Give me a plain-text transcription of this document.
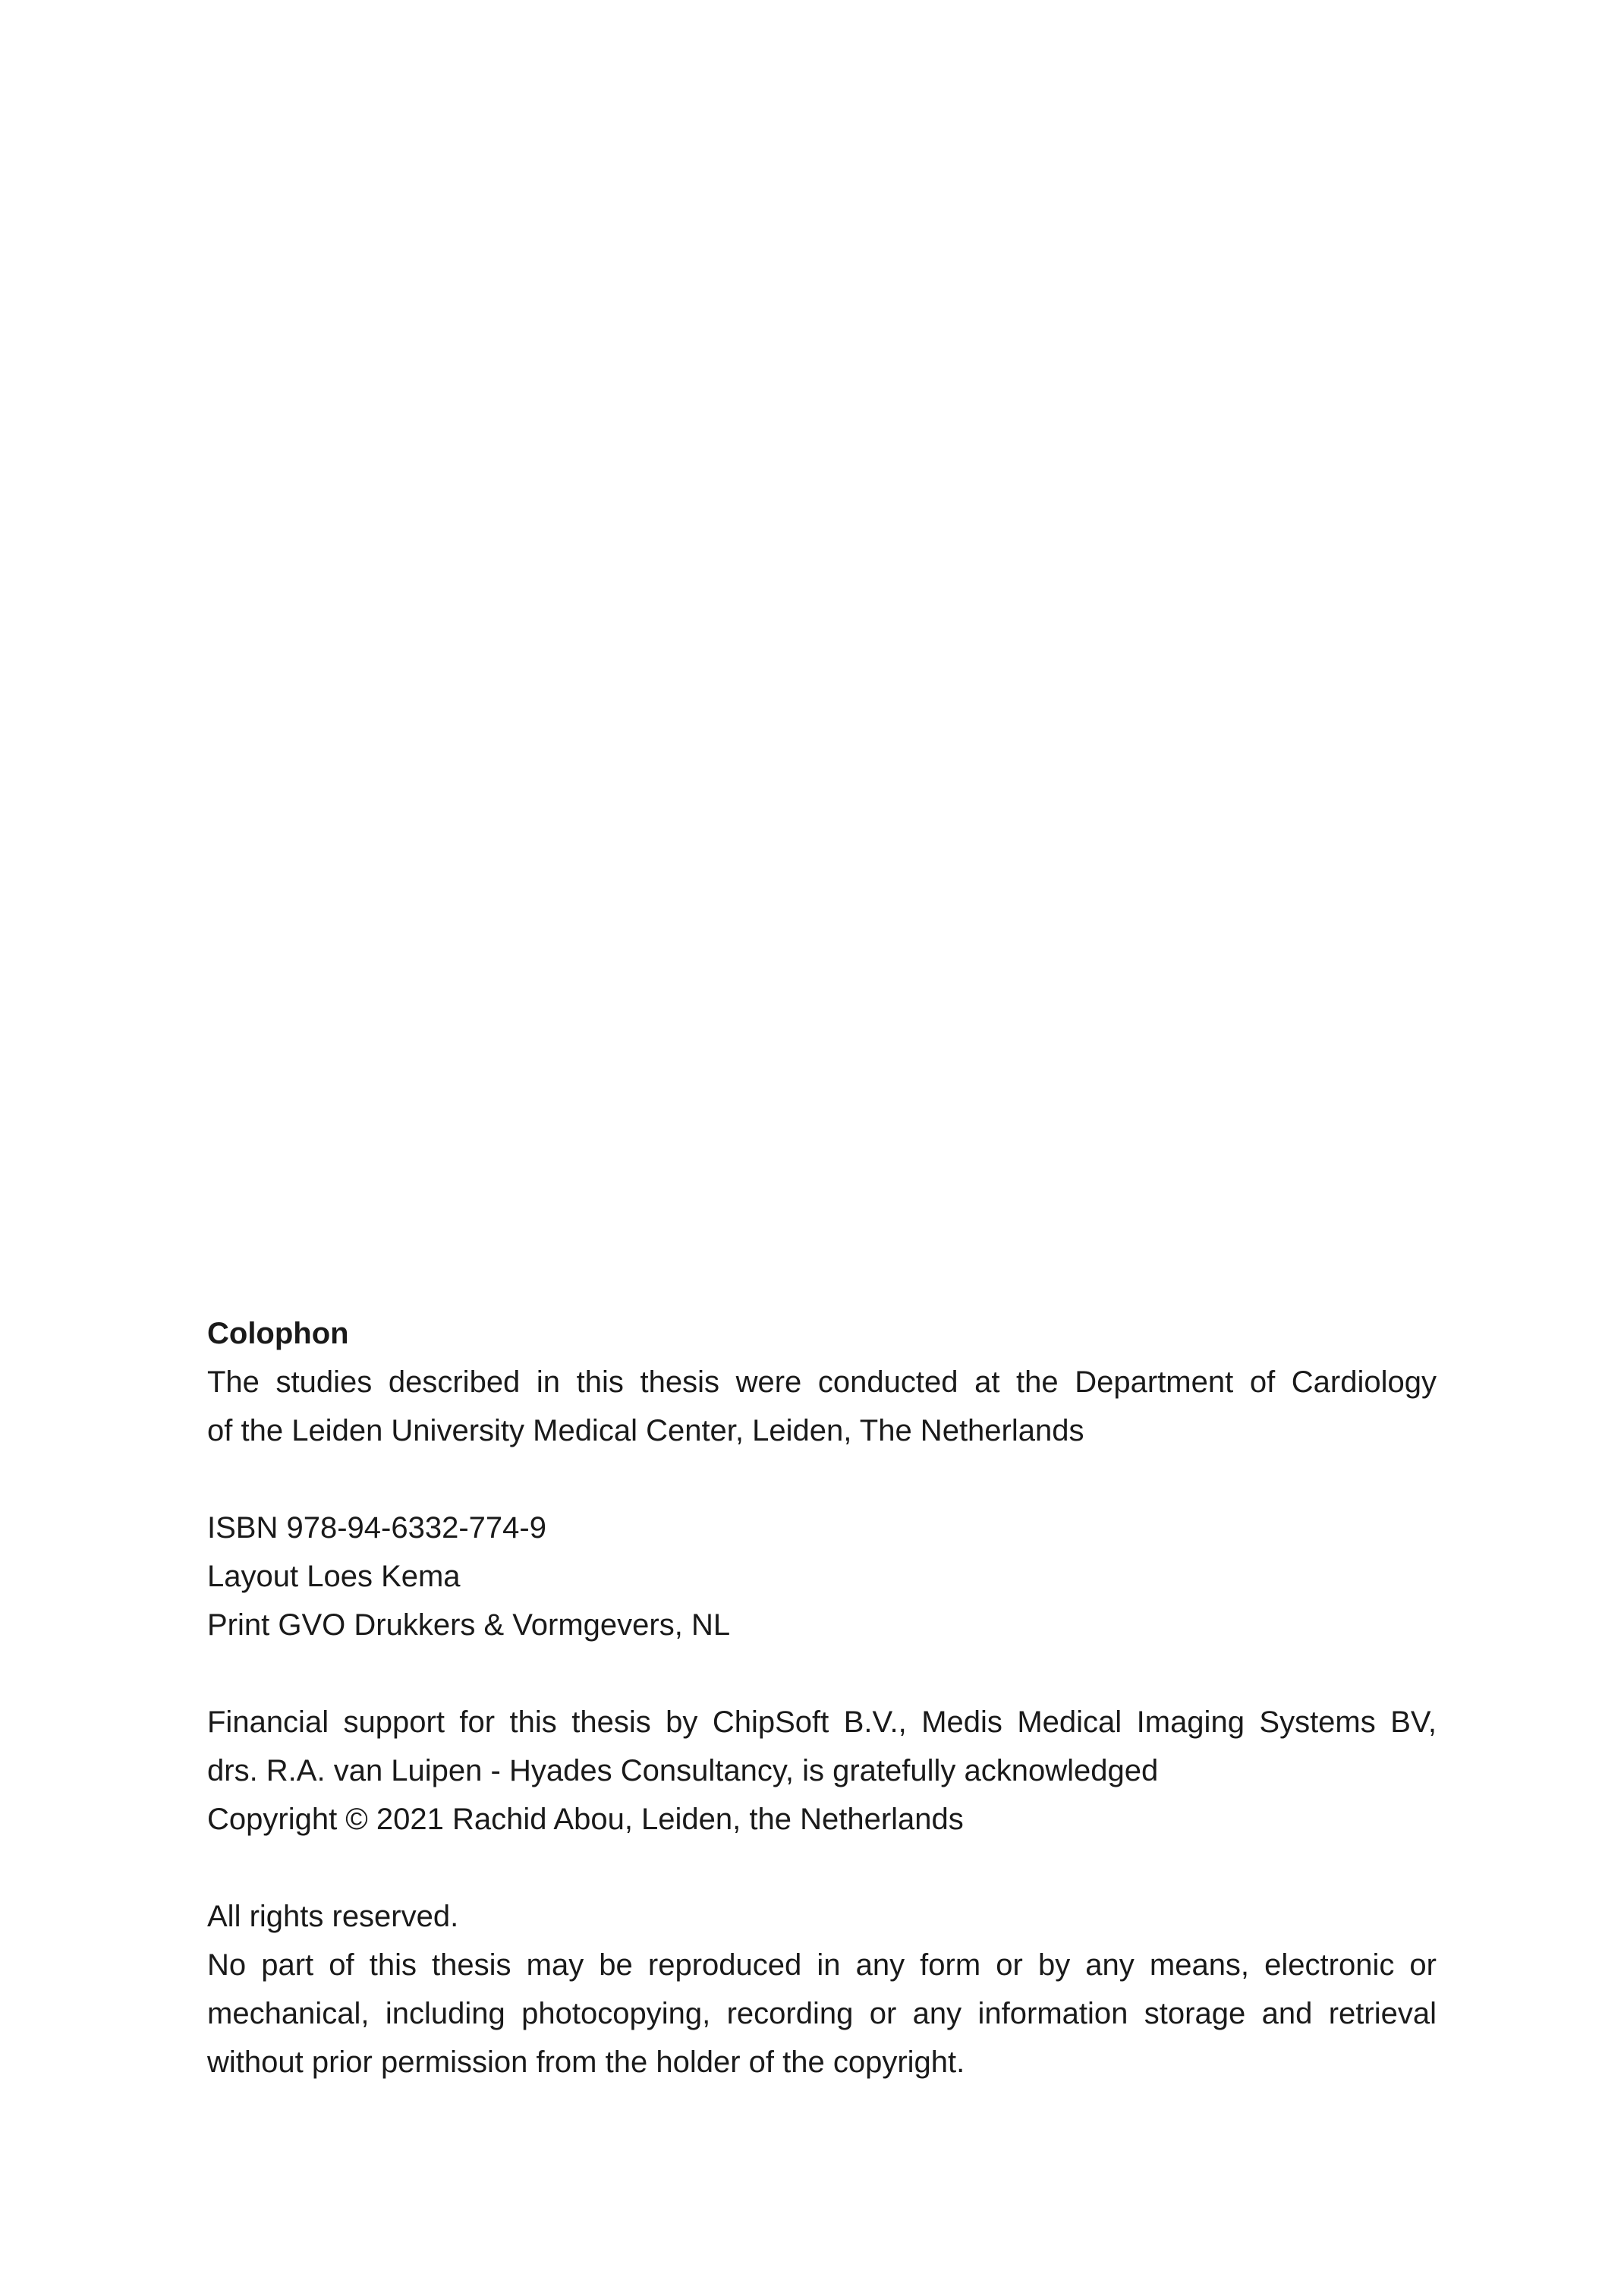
Colophon
The studies described in this thesis were conducted at the Department of Cardiology
of the Leiden University Medical Center, Leiden, The Netherlands
ISBN 978-94-6332-774-9
Layout Loes Kema
Print GVO Drukkers & Vormgevers, NL
Financial support for this thesis by ChipSoft B.V., Medis Medical Imaging Systems BV,
drs. R.A. van Luipen - Hyades Consultancy, is gratefully acknowledged
Copyright © 2021 Rachid Abou, Leiden, the Netherlands
All rights reserved.
No part of this thesis may be reproduced in any form or by any means, electronic or
mechanical, including photocopying, recording or any information storage and retrieval
without prior permission from the holder of the copyright.
